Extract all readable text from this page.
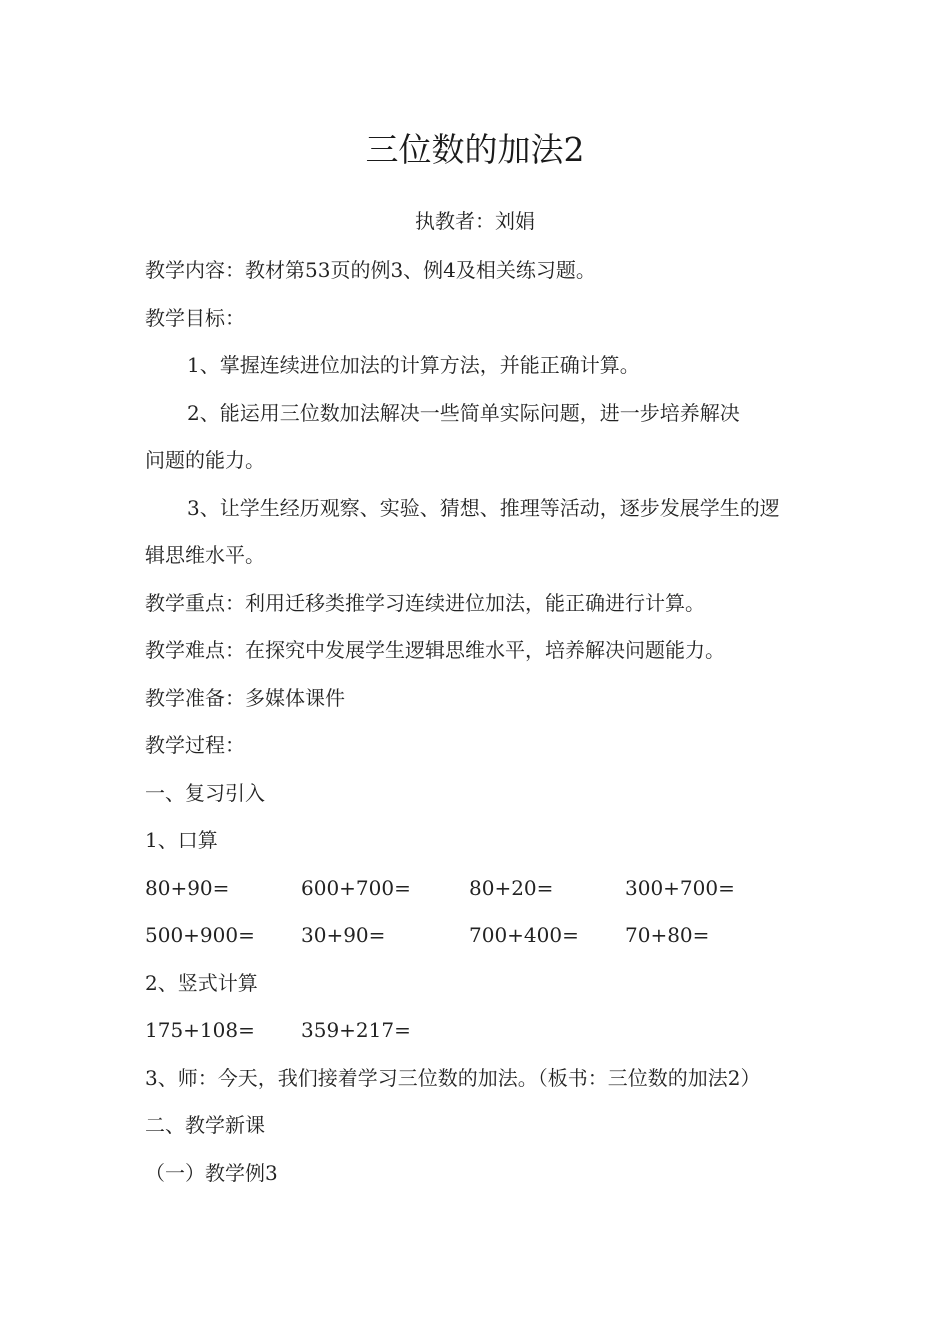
三位数的加法2
执教者：刘娟
教学内容：教材第53页的例3、例4及相关练习题。
教学目标：
1、掌握连续进位加法的计算方法，并能正确计算。
2、能运用三位数加法解决一些简单实际问题，进一步培养解决
问题的能力。
3、让学生经历观察、实验、猜想、推理等活动，逐步发展学生的逻
辑思维水平。
教学重点：利用迁移类推学习连续进位加法，能正确进行计算。
教学难点：在探究中发展学生逻辑思维水平，培养解决问题能力。
教学准备：多媒体课件
教学过程：
一、复习引入
1、口算
80+90=	600+700=	80+20=	300+700=
500+900= 30+90=	700+400= 70+80=
2、竖式计算
175+108= 359+217=
3、师：今天，我们接着学习三位数的加法。（板书：三位数的加法2）
二、教学新课
（一）教学例3
